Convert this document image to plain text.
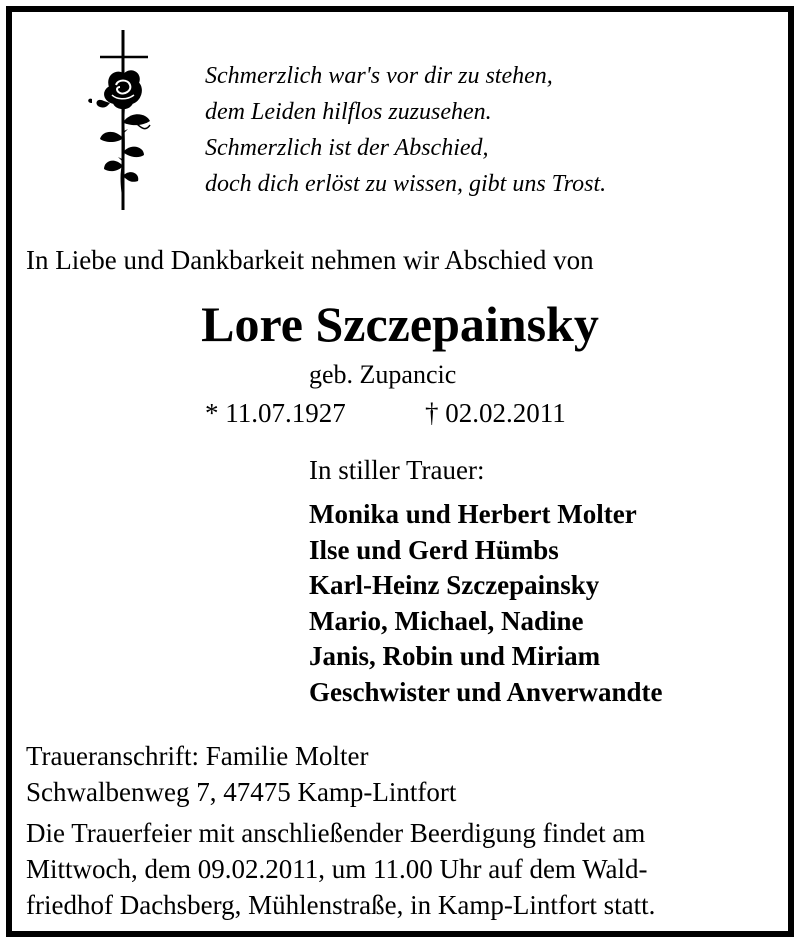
Schmerzlich war's vor dir zu stehen,
dem Leiden hilflos zuzusehen.
Schmerzlich ist der Abschied,
doch dich erlöst zu wissen, gibt uns Trost.
In Liebe und Dankbarkeit nehmen wir Abschied von
Lore Szczepainsky
geb. Zupancic
* 11.07.1927	† 02.02.2011
In stiller Trauer:
Monika und Herbert Molter
Ilse und Gerd Hümbs
Karl-Heinz Szczepainsky
Mario, Michael, Nadine
Janis, Robin und Miriam
Geschwister und Anverwandte
Traueranschrift: Familie Molter
Schwalbenweg 7, 47475 Kamp-Lintfort
Die Trauerfeier mit anschließender Beerdigung findet am
Mittwoch, dem 09.02.2011, um 11.00 Uhr auf dem Wald-
friedhof Dachsberg, Mühlenstraße, in Kamp-Lintfort statt.
